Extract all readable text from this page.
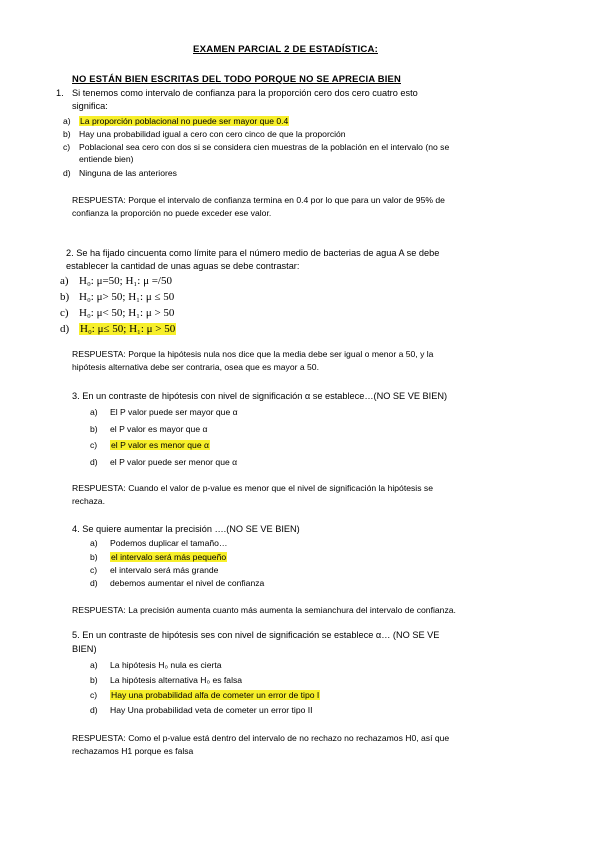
EXAMEN PARCIAL 2 DE ESTADÍSTICA:
NO ESTÁN BIEN ESCRITAS DEL TODO PORQUE NO SE APRECIA BIEN
1. Si tenemos como intervalo de confianza para la proporción cero dos cero cuatro esto
significa:
a) La proporción poblacional no puede ser mayor que 0.4
b) Hay una probabilidad igual a cero con cero cinco de que la proporción
c) Poblacional sea cero con dos si se considera cien muestras de la población en el intervalo (no se
entiende bien)
d) Ninguna de las anteriores
RESPUESTA: Porque el intervalo de confianza termina en 0.4 por lo que para un valor de 95% de
confianza la proporción no puede exceder ese valor.
2. Se ha fijado cincuenta como límite para el número medio de bacterias de agua A se debe
establecer la cantidad de unas aguas se debe contrastar:
a) H₀: μ=50; H₁: μ =/50
b) H₀: μ> 50; H₁: μ ≤ 50
c) H₀: μ< 50; H₁: μ > 50
d) H₀: μ≤ 50; H₁: μ > 50
RESPUESTA: Porque la hipótesis nula nos dice que la media debe ser igual o menor a 50, y la
hipótesis alternativa debe ser contraria, osea que es mayor a 50.
3. En un contraste de hipótesis con nivel de significación α se establece…(NO SE VE BIEN)
a) El P valor puede ser mayor que α
b) el P valor es mayor que α
c) el P valor es menor que α
d) el P valor puede ser menor que α
RESPUESTA: Cuando el valor de p-value es menor que el nivel de significación la hipótesis se
rechaza.
4. Se quiere aumentar la precisión ….(NO SE VE BIEN)
a) Podemos duplicar el tamaño…
b) el intervalo será más pequeño
c) el intervalo será más grande
d) debemos aumentar el nivel de confianza
RESPUESTA: La precisión aumenta cuanto más aumenta la semianchura del intervalo de confianza.
5. En un contraste de hipótesis ses con nivel de significación se establece α… (NO SE VE
BIEN)
a) La hipótesis H₀ nula es cierta
b) La hipótesis alternativa H₀ es falsa
c) Hay una probabilidad alfa de cometer un error de tipo I
d) Hay Una probabilidad veta de cometer un error tipo II
RESPUESTA: Como el p-value está dentro del intervalo de no rechazo no rechazamos H0, así que
rechazamos H1 porque es falsa
